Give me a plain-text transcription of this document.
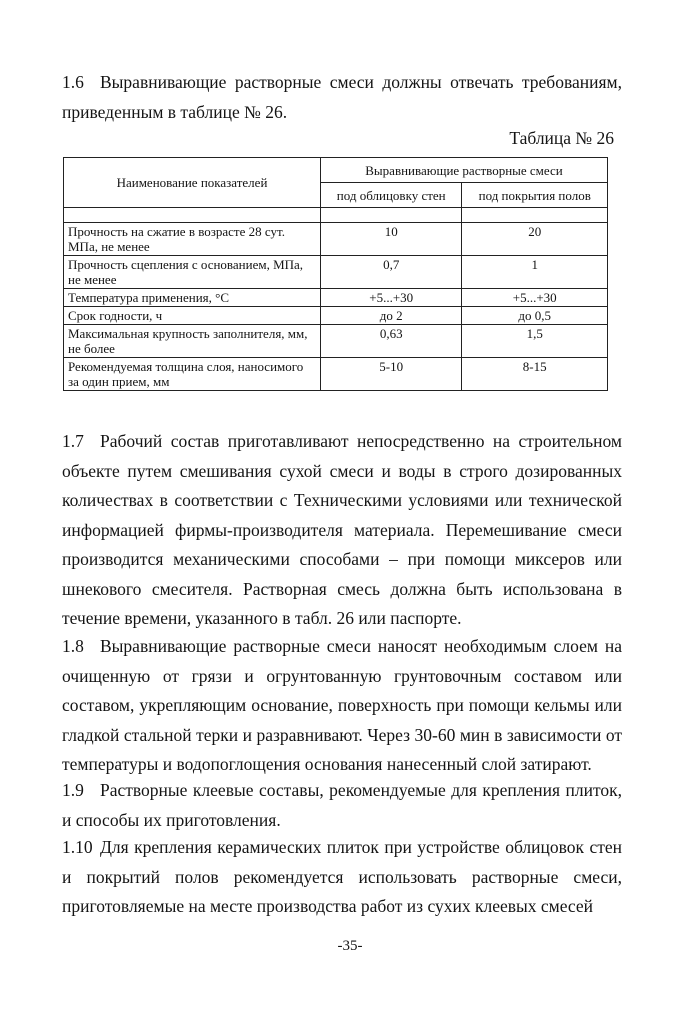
1.6 Выравнивающие растворные смеси должны отвечать требованиям, приведенным в таблице № 26.

Таблица № 26
Наименование показателей	Выравнивающие растворные смеси	
	под облицовку стен	под покрытия полов

Прочность на сжатие в возрасте 28 сут. МПа, не менее	10	20
Прочность сцепления с основанием, МПа, не менее	0,7	1
Температура применения, °С	+5...+30	+5...+30
Срок годности, ч	до 2	до 0,5
Максимальная крупность заполнителя, мм, не более	0,63	1,5
Рекомендуемая толщина слоя, наносимого за один прием, мм	5-10	8-15

1.7 Рабочий состав приготавливают непосредственно на строительном объекте путем смешивания сухой смеси и воды в строго дозированных количествах в соответствии с Техническими условиями или технической информацией фирмы-производителя материала. Перемешивание смеси производится механическими способами – при помощи миксеров или шнекового смесителя. Растворная смесь должна быть использована в течение времени, указанного в табл. 26 или паспорте.

1.8 Выравнивающие растворные смеси наносят необходимым слоем на очищенную от грязи и огрунтованную грунтовочным составом или составом, укрепляющим основание, поверхность при помощи кельмы или гладкой стальной терки и разравнивают. Через 30-60 мин в зависимости от температуры и водопоглощения основания нанесенный слой затирают.

1.9 Растворные клеевые составы, рекомендуемые для крепления плиток, и способы их приготовления.

1.10 Для крепления керамических плиток при устройстве облицовок стен и покрытий полов рекомендуется использовать растворные смеси, приготовляемые на месте производства работ из сухих клеевых смесей

-35-
